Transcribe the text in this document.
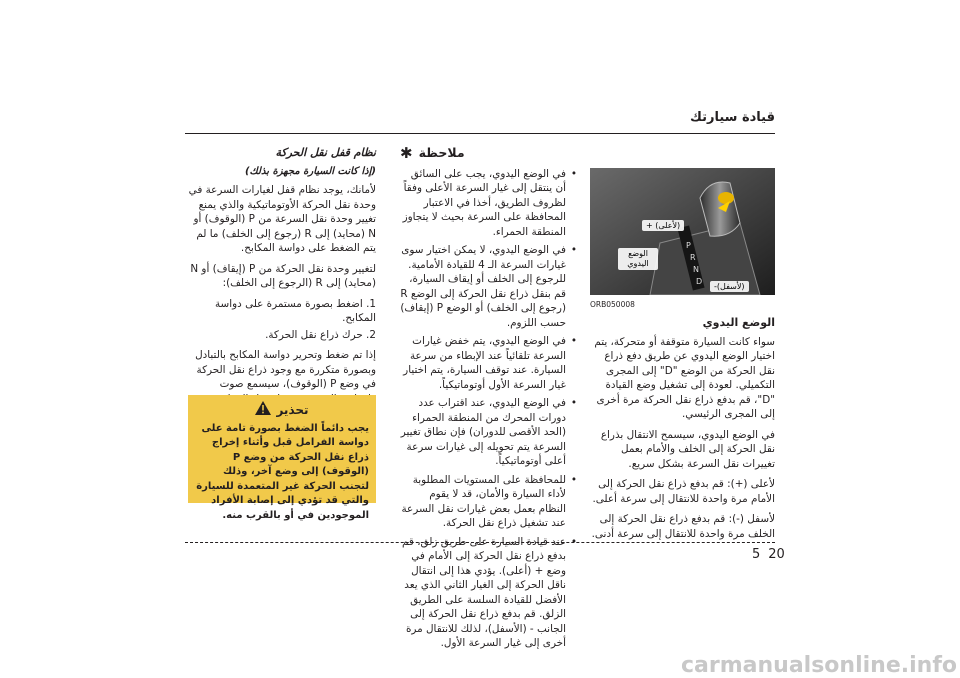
قيادة سيارتك
+ (لأعلى)
الوضع اليدوي
-(لأسفل)
P
R
N
D
ORB050008
الوضع اليدوي

سواء كانت السيارة متوقفة أو متحركة، يتم اختيار الوضع اليدوي عن طريق دفع ذراع نقل الحركة من الوضع "D" إلى المجرى التكميلي. لعودة إلى تشغيل وضع القيادة "D"، قم بدفع ذراع نقل الحركة مرة أخرى إلى المجرى الرئيسي.

في الوضع اليدوي، سيسمح الانتقال بذراع نقل الحركة إلى الخلف والأمام بعمل تغييرات نقل السرعة بشكل سريع.

لأعلى (+): قم بدفع ذراع نقل الحركة إلى الأمام مرة واحدة للانتقال إلى سرعة أعلى.

لأسفل (-): قم بدفع ذراع نقل الحركة إلى الخلف مرة واحدة للانتقال إلى سرعة أدنى.

✱ ملاحظة
• في الوضع اليدوي، يجب على السائق أن ينتقل إلى غيار السرعة الأعلى وفقاً لظروف الطريق، أخذا في الاعتبار المحافظة على السرعة بحيث لا يتجاوز المنطقة الحمراء.
• في الوضع اليدوي، لا يمكن اختيار سوى غيارات السرعة الـ 4 للقيادة الأمامية. للرجوع إلى الخلف أو إيقاف السيارة، قم بنقل ذراع نقل الحركة إلى الوضع R (رجوع إلى الخلف) أو الوضع P (إيقاف) حسب اللزوم.
• في الوضع اليدوي، يتم خفض غيارات السرعة تلقائياً عند الإبطاء من سرعة السيارة. عند توقف السيارة، يتم اختيار غيار السرعة الأول أوتوماتيكياً.
• في الوضع اليدوي، عند اقتراب عدد دورات المحرك من المنطقة الحمراء (الحد الأقصى للدوران) فإن نطاق تغيير السرعة يتم تحويله إلى غيارات سرعة أعلى أوتوماتيكياً.
• للمحافظة على المستويات المطلوبة لأداء السيارة والأمان، قد لا يقوم النظام بعمل بعض غيارات نقل السرعة عند تشغيل ذراع نقل الحركة.
• عند قيادة السيارة على طريق زلق، قم بدفع ذراع نقل الحركة إلى الأمام في وضع + (أعلى). يؤدي هذا إلى انتقال ناقل الحركة إلى الغيار الثاني الذي يعد الأفضل للقيادة السلسة على الطريق الزلق. قم بدفع ذراع نقل الحركة إلى الجانب - (الأسفل)، لذلك للانتقال مرة أخرى إلى غيار السرعة الأول.
نظام قفل نقل الحركة
(إذا كانت السيارة مجهزة بذلك)

لأمانك، يوجد نظام قفل لغيارات السرعة في وحدة نقل الحركة الأوتوماتيكية والذي يمنع تغيير وحدة نقل السرعة من P (الوقوف) أو N (محايد) إلى R (رجوع إلى الخلف) ما لم يتم الضغط على دواسة المكابح.

لتغيير وحدة نقل الحركة من P (إيقاف) أو N (محايد) إلى R (الرجوع إلى الخلف):

1. اضغط بصورة مستمرة على دواسة المكابح.

2. حرك ذراع نقل الحركة.

إذا تم ضغط وتحرير دواسة المكابح بالتبادل وبصورة متكررة مع وجود ذراع نقل الحركة في وضع P (الوقوف)، سيسمع صوت

تحذير
يجب دائماً الضغط بصورة تامة على دواسة الفرامل قبل وأثناء إخراج ذراع نقل الحركة من وضع P (الوقوف) إلى وضع آخر، وذلك لتجنب الحركة غير المتعمدة للسيارة والتي قد تؤدي إلى إصابة الأفراد الموجودين في أو بالقرب منه.
5 20
carmanualsonline.info
